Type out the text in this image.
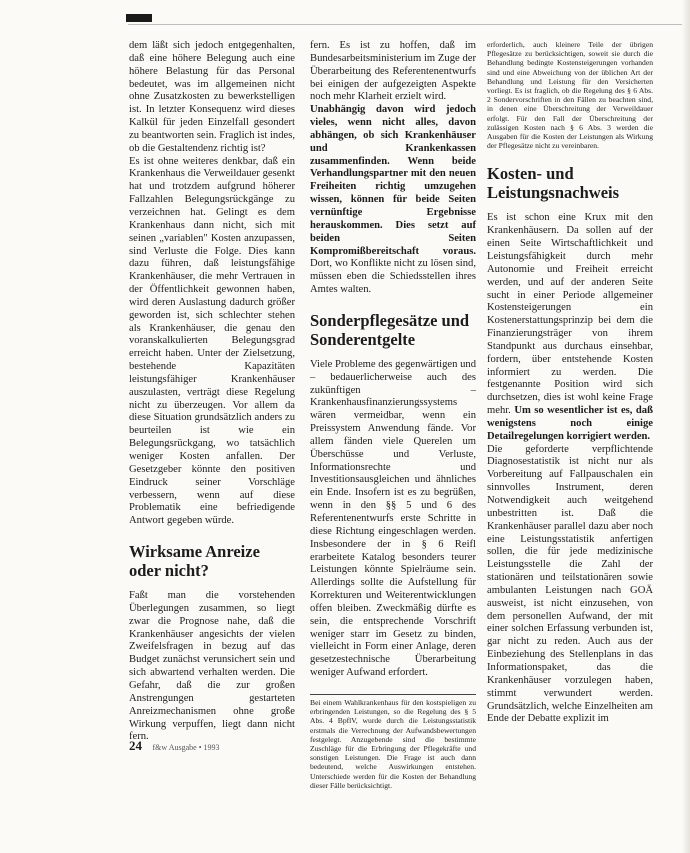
dem läßt sich jedoch entgegenhalten, daß eine höhere Belegung auch eine höhere Belastung für das Personal bedeutet, was im allgemeinen nicht ohne Zusatzkosten zu bewerkstelligen ist. In letzter Konsequenz wird dieses Kalkül für jeden Einzelfall gesondert zu beantworten sein. Fraglich ist indes, ob die Gestaltendenz richtig ist?

Es ist ohne weiteres denkbar, daß ein Krankenhaus die Verweildauer gesenkt hat und trotzdem aufgrund höherer Fallzahlen Belegungsrückgänge zu verzeichnen hat. Gelingt es dem Krankenhaus dann nicht, sich mit seinen „variablen" Kosten anzupassen, sind Verluste die Folge. Dies kann dazu führen, daß leistungsfähige Krankenhäuser, die mehr Vertrauen in der Öffentlichkeit gewonnen haben, wird deren Auslastung dadurch größer geworden ist, sich schlechter stehen als Krankenhäuser, die genau den voranskalkulierten Belegungsgrad erreicht haben. Unter der Zielsetzung, bestehende Kapazitäten leistungsfähiger Krankenhäuser auszulasten, verträgt diese Regelung nicht zu überzeugen. Vor allem da diese Situation grundsätzlich anders zu beurteilen ist wie ein Belegungsrückgang, wo tatsächlich weniger Kosten anfallen. Der Gesetzgeber könnte den positiven Eindruck seiner Vorschläge verbessern, wenn auf diese Problematik eine befriedigende Antwort gegeben würde.

Wirksame Anreize oder nicht?

Faßt man die vorstehenden Überlegungen zusammen, so liegt zwar die Prognose nahe, daß die Krankenhäuser angesichts der vielen Zweifelsfragen in bezug auf das Budget zunächst verunsichert sein und sich abwartend verhalten werden. Die Gefahr, daß die zur großen Anstrengungen gestarteten Anreizmechanismen ohne große Wirkung verpuffen, liegt dann nicht fern.

fern. Es ist zu hoffen, daß im Bundesarbeitsministerium im Zuge der Überarbeitung des Referentenentwurfs bei einigen der aufgezeigten Aspekte noch mehr Klarheit erzielt wird.

Unabhängig davon wird jedoch vieles, wenn nicht alles, davon abhängen, ob sich Krankenhäuser und Krankenkassen zusammenfinden. Wenn beide Verhandlungspartner mit den neuen Freiheiten richtig umzugehen wissen, können für beide Seiten vernünftige Ergebnisse herauskommen. Dies setzt auf beiden Seiten Kompromißbereitschaft voraus. Dort, wo Konflikte nicht zu lösen sind, müssen eben die Schiedsstellen ihres Amtes walten.

Sonderpflegesätze und Sonderentgelte

Viele Probleme des gegenwärtigen und – bedauerlicherweise auch des zukünftigen – Krankenhausfinanzierungssystems wären vermeidbar, wenn ein Preissystem Anwendung fände. Vor allem fänden viele Querelen um Überschüsse und Verluste, Informationsrechte und Investitionsausgleichen und ähnliches ein Ende. Insofern ist es zu begrüßen, wenn in den §§ 5 und 6 des Referentenentwurfs erste Schritte in diese Richtung eingeschlagen werden. Insbesondere der in § 6 Reifl erarbeitete Katalog besonders teurer Leistungen könnte Spielräume sein. Allerdings sollte die Aufstellung für Korrekturen und Weiterentwicklungen offen bleiben. Zweckmäßig dürfte es sein, die entsprechende Vorschrift weniger starr im Gesetz zu binden, vielleicht in Form einer Anlage, deren gesetzestechnische Überarbeitung weniger Aufwand erfordert.

Bei einem Wahlkrankenhaus für den kostspieligen zu erbringenden Leistungen, so die Regelung des § 5 Abs. 4 BpflV, wurde durch die Leistungsstatistik erstmals die Verrechnung der Aufwandsbewertungen festgelegt. Anzugebende sind die bestimmte Zuschläge für die Erbringung der Pflegekräfte und sonstigen Leistungen. Die Frage ist auch dann bedeutend, welche Auswirkungen entstehen. Unterschiede werden für die Kosten der Behandlung dieser Fälle berücksichtigt.

erforderlich, auch kleinere Teile der übrigen Pflegesätze zu berücksichtigen, soweit sie durch die Behandlung bedingte Kostensteigerungen vorhanden sind und eine Abweichung von der üblichen Art der Behandlung und Leistung für den Versicherten vorliegt. Es ist fraglich, ob die Regelung des § 6 Abs. 2 Sondervorschriften in den Fällen zu beachten sind, in denen eine Überschreitung der Verweildauer erfolgt. Für den Fall der Überschreitung der zulässigen Kosten nach § 6 Abs. 3 werden die Ausgaben für die Kosten der Leistungen als Wirkung der Pflegesätze nicht zu vereinbaren.

Kosten- und Leistungsnachweis

Es ist schon eine Krux mit den Krankenhäusern. Da sollen auf der einen Seite Wirtschaftlichkeit und Leistungsfähigkeit durch mehr Autonomie und Freiheit erreicht werden, und auf der anderen Seite sucht in einer Periode allgemeiner Kostensteigerungen ein Kostenerstattungsprinzip bei dem die Finanzierungsträger von ihrem Standpunkt aus durchaus einsehbar, fordern, über entstehende Kosten informiert zu werden. Die festgenannte Position wird sich durchsetzen, dies ist wohl keine Frage mehr. Um so wesentlicher ist es, daß wenigstens noch einige Detailregelungen korrigiert werden.

Die geforderte verpflichtende Diagnosestatistik ist nicht nur als Vorbereitung auf Fallpauschalen ein sinnvolles Instrument, deren Notwendigkeit auch weitgehend unbestritten ist. Daß die Krankenhäuser parallel dazu aber noch eine Leistungsstatistik anfertigen sollen, die für jede medizinische Leistungsstelle die Zahl der stationären und teilstationären sowie ambulanten Leistungen nach GOÄ ausweist, ist nicht einzusehen, von dem personellen Aufwand, der mit einer solchen Erfassung verbunden ist, gar nicht zu reden. Auch aus der Einbeziehung des Stellenplans in das Informationspaket, das die Krankenhäuser vorzulegen haben, stimmt verwundert werden. Grundsätzlich, welche Einzelheiten am Ende der Debatte explizit im

24 f&w Ausgabe • 1993
